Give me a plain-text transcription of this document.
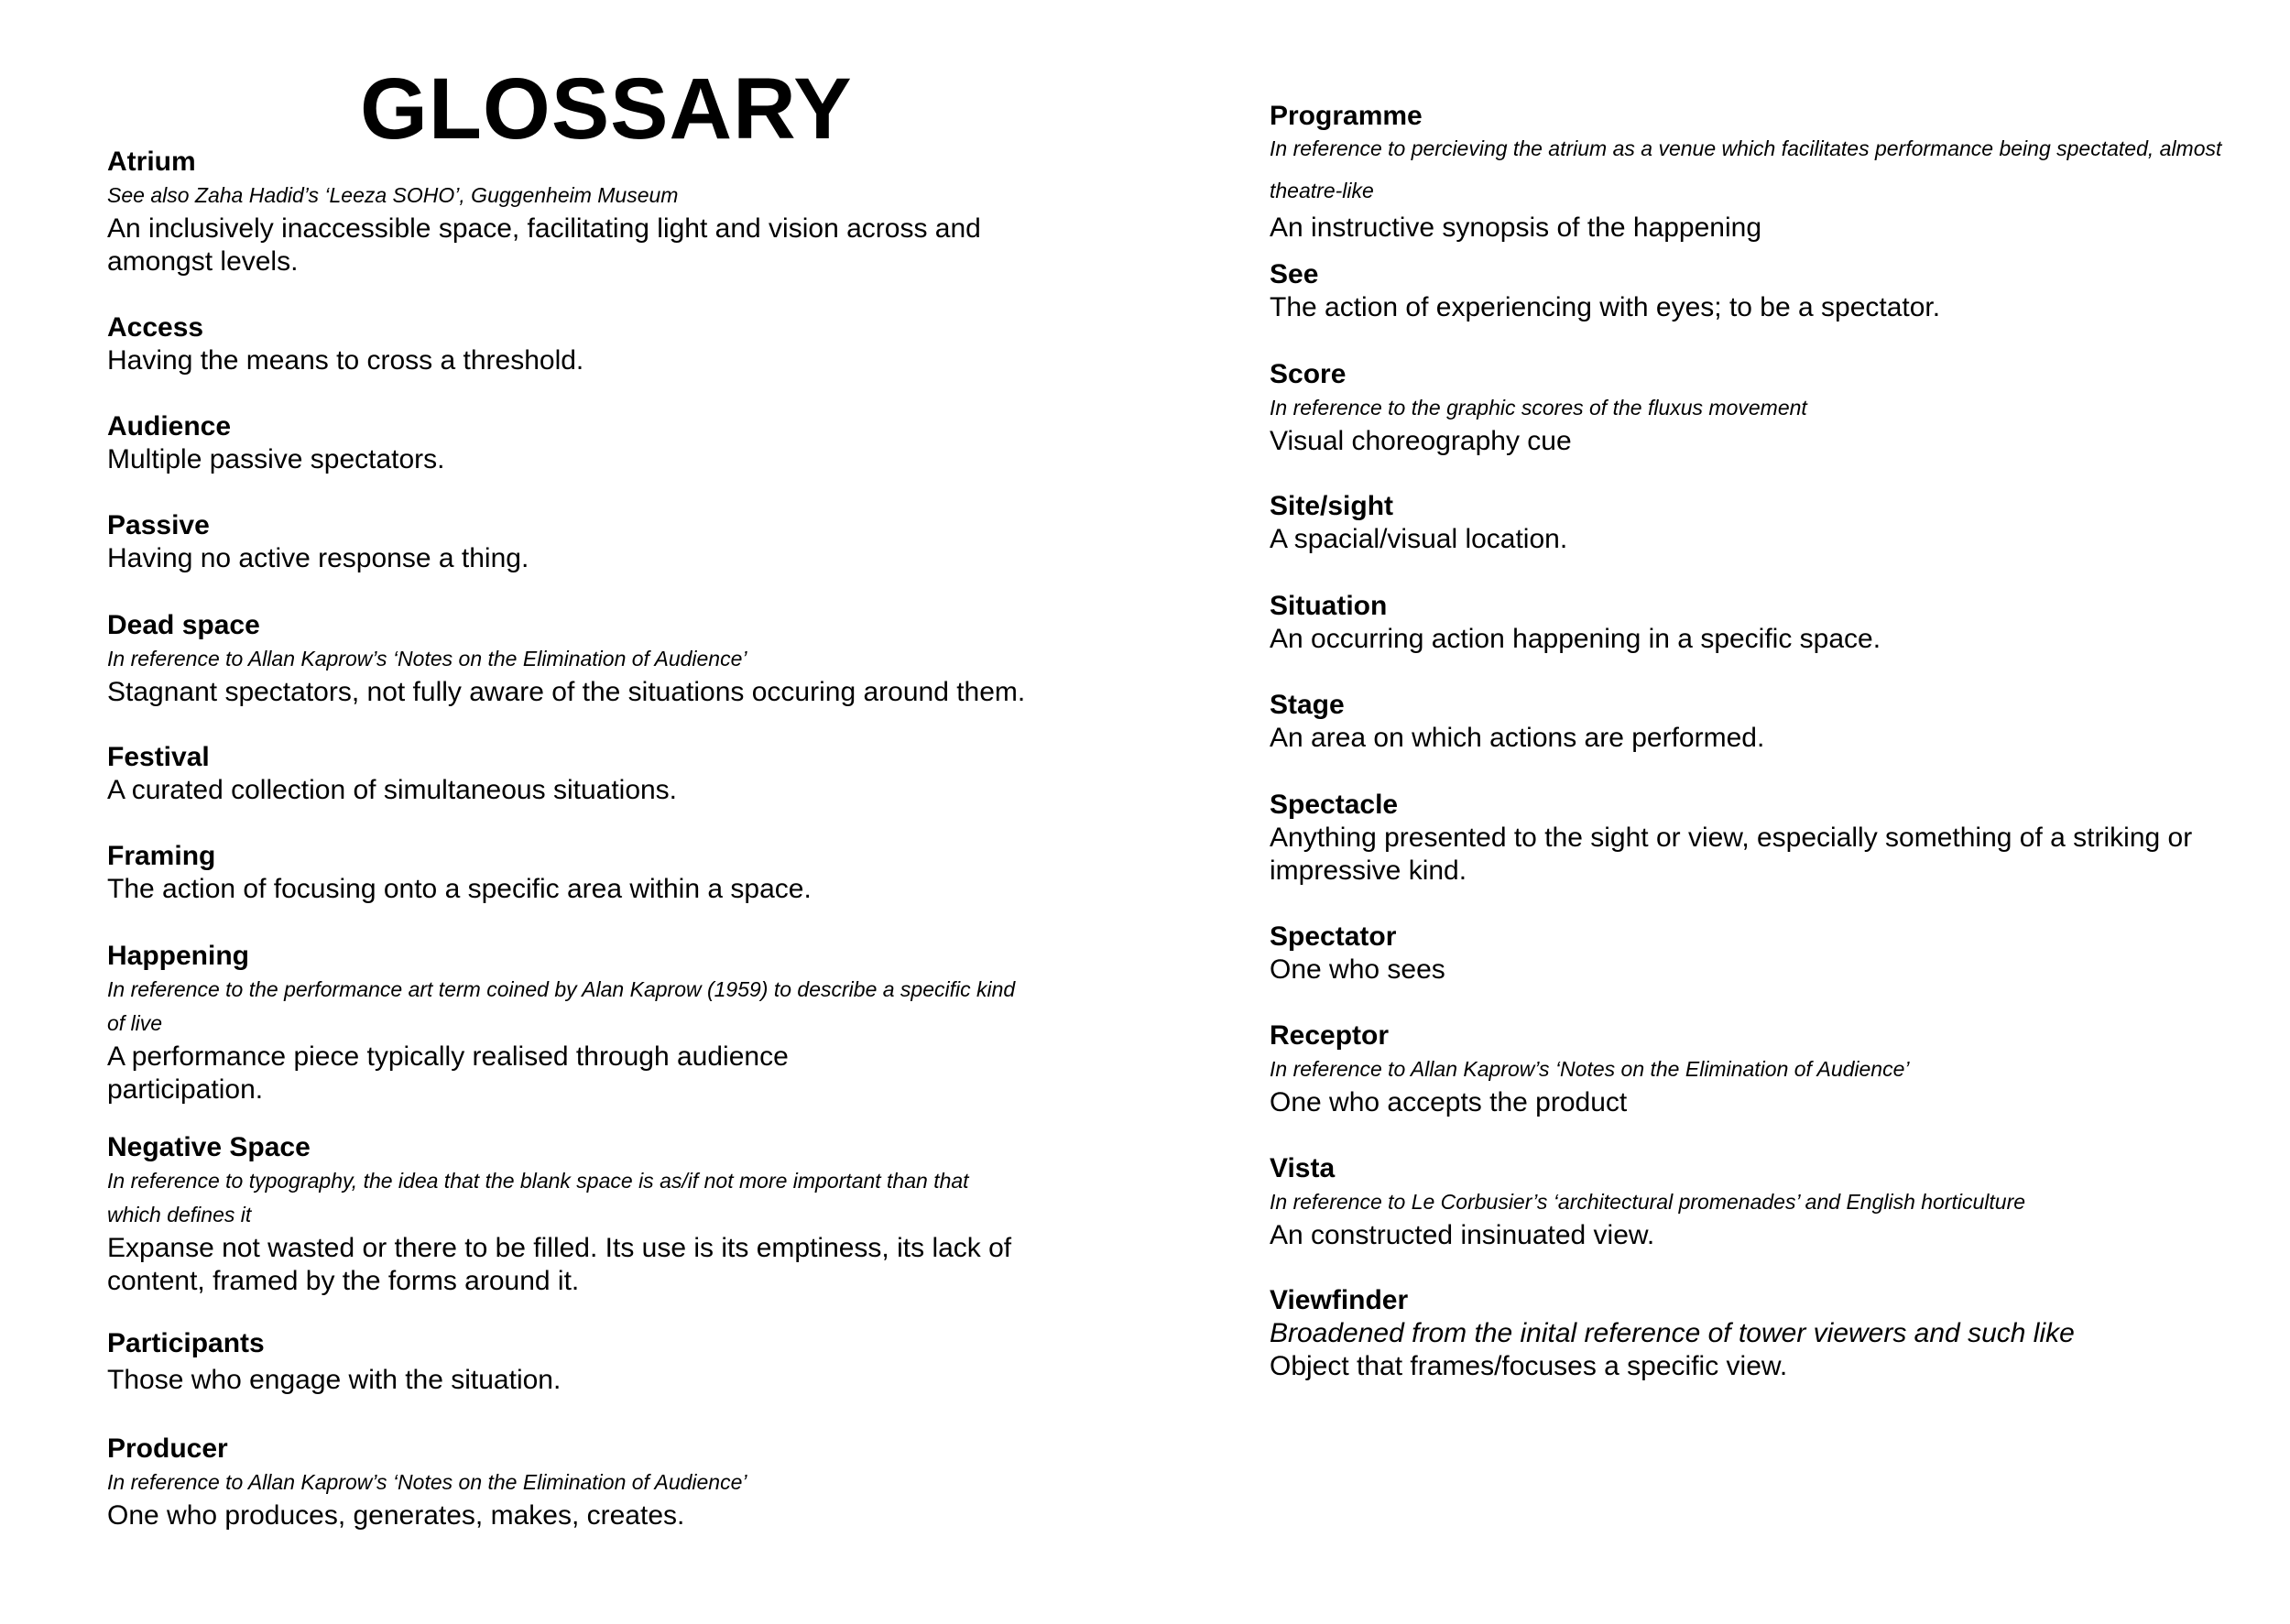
GLOSSARY
Atrium
See also Zaha Hadid’s ‘Leeza SOHO’, Guggenheim Museum
An inclusively inaccessible space, facilitating light and vision across and amongst levels.
Access
Having the means to cross a threshold.
Audience
Multiple passive spectators.
Passive
Having no active response a thing.
Dead space
In reference to Allan Kaprow’s ‘Notes on the Elimination of Audience’
Stagnant spectators, not fully aware of the situations occuring around them.
Festival
A curated collection of simultaneous situations.
Framing
The action of focusing onto a specific area within a space.
Happening
In reference to the performance art term coined by Alan Kaprow (1959) to describe a specific kind of live
A performance piece typically realised through audience participation.
Negative Space
In reference to typography, the idea that the blank space is as/if not more important than that which defines it
Expanse not wasted or there to be filled. Its use is its emptiness, its lack of content, framed by the forms around it.
Participants
Those who engage with the situation.
Producer
In reference to Allan Kaprow’s ‘Notes on the Elimination of Audience’
One who produces, generates, makes, creates.
Programme
In reference to percieving the atrium as a venue which facilitates performance being spectated, almost theatre-like
An instructive synopsis of the happening
See
The action of experiencing with eyes; to be a spectator.
Score
In reference to the graphic scores of the fluxus movement
Visual choreography cue
Site/sight
A spacial/visual location.
Situation
An occurring action happening in a specific space.
Stage
An area on which actions are performed.
Spectacle
Anything presented to the sight or view, especially something of a striking or impressive kind.
Spectator
One who sees
Receptor
In reference to Allan Kaprow’s ‘Notes on the Elimination of Audience’
One who accepts the product
Vista
In reference to Le Corbusier’s ‘architectural promenades’ and English horticulture
An constructed insinuated view.
Viewfinder
Broadened from the inital reference of tower viewers and such like
Object that frames/focuses a specific view.
